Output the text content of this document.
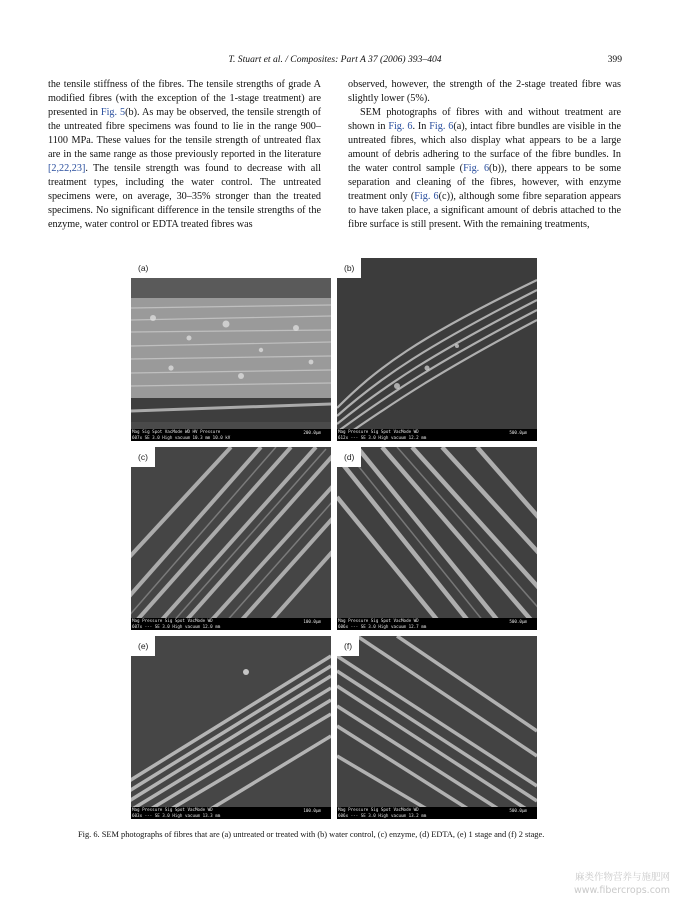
T. Stuart et al. / Composites: Part A 37 (2006) 393–404	399

the tensile stiffness of the fibres. The tensile strengths of grade A modified fibres (with the exception of the 1-stage treatment) are presented in Fig. 5(b). As may be observed, the tensile strength of the untreated fibre specimens was found to lie in the range 900–1100 MPa. These values for the tensile strength of untreated flax are in the same range as those previously reported in the literature [2,22,23]. The tensile strength was found to decrease with all treatment types, including the water control. The untreated specimens were, on average, 30–35% stronger than the treated specimens. No significant difference in the tensile strengths of the enzyme, water control or EDTA treated fibres was

observed, however, the strength of the 2-stage treated fibre was slightly lower (5%).

SEM photographs of fibres with and without treatment are shown in Fig. 6. In Fig. 6(a), intact fibre bundles are visible in the untreated fibres, which also display what appears to be a large amount of debris adhering to the surface of the fibre bundles. In the water control sample (Fig. 6(b)), there appears to be some separation and cleaning of the fibres, however, with enzyme treatment only (Fig. 6(c)), although some fibre separation appears to have taken place, a significant amount of debris attached to the fibre surface is still present. With the remaining treatments,

(a)
Mag Sig Spot VacMode WD HV Pressure
607x SE 3.0 High vacuum 10.3 mm 10.0 kV
200.0µm
(b)
Mag Pressure Sig Spot VacMode WD
612x --- SE 3.0 High vacuum 12.2 mm
500.0µm
(c)
Mag Pressure Sig Spot VacMode WD
607x --- SE 3.0 High vacuum 12.0 mm
100.0µm
(d)
Mag Pressure Sig Spot VacMode WD
606x --- SE 3.0 High vacuum 12.7 mm
500.0µm
(e)
Mag Pressure Sig Spot VacMode WD
603x --- SE 3.0 High vacuum 13.3 mm
100.0µm
(f)
Mag Pressure Sig Spot VacMode WD
606x --- SE 3.0 High vacuum 13.2 mm
500.0µm
Fig. 6. SEM photographs of fibres that are (a) untreated or treated with (b) water control, (c) enzyme, (d) EDTA, (e) 1 stage and (f) 2 stage.
麻类作物营养与施肥网
www.fibercrops.com
